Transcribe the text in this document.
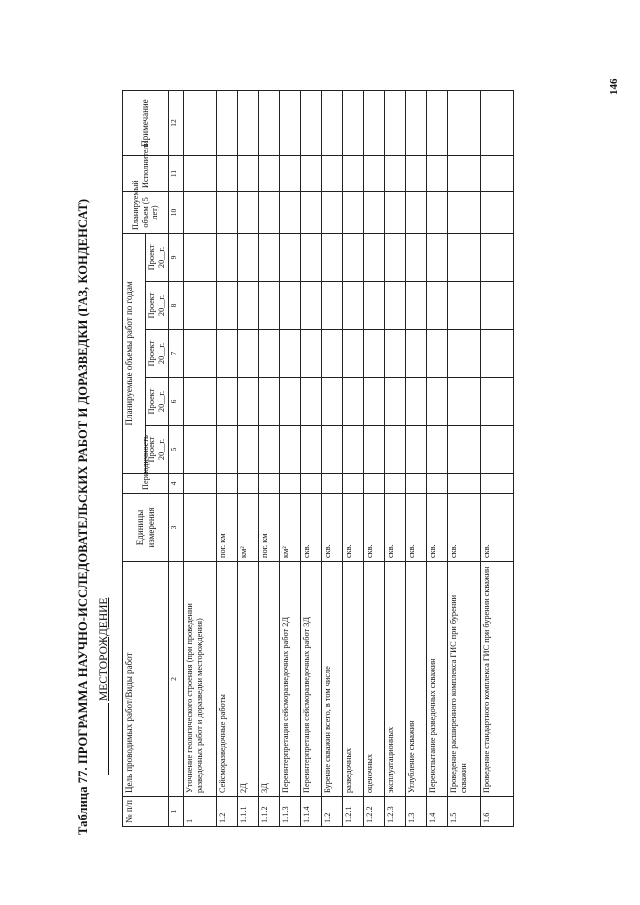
Таблица 77. ПРОГРАММА НАУЧНО-ИССЛЕДОВАТЕЛЬСКИХ РАБОТ И ДОРАЗВЕДКИ (ГАЗ, КОНДЕНСАТ) МЕСТОРОЖДЕНИЕ
№ п/п	Цель проводимых работ/Виды работ	Единицы измерения	Периодичность	Планируемые объемы работ по годам					Планируемый объем (5 лет)	Исполнители	Примечание
				Проект 20__г.	Проект 20__г.	Проект 20__г.	Проект 20__г.	Проект 20__г.			
1	2	3	4	5	6	7	8	9	10	11	12
1	Уточнение геологического строения (при проведении разведочных работ и доразведки месторождения)										
1.2	Сейсморазведочные работы	пог. км									
1.1.1	2Д	км²									
1.1.2	3Д	пог. км									
1.1.3	Переинтерпретация сейсморазведочных работ 2Д	км²									
1.1.4	Переинтерпретация сейсморазведочных работ 3Д	скв.									
1.2	Бурение скважин всего, в том числе	скв.									
1.2.1	разведочных	скв.									
1.2.2	оценочных	скв.									
1.2.3	эксплуатационных	скв.									
1.3	Углубление скважин	скв.									
1.4	Переиспытание разведочных скважин	скв.									
1.5	Проведение расширенного комплекса ГИС при бурении скважин	скв.									
1.6	Проведение стандартного комплекса ГИС при бурении скважин	скв.									
146
